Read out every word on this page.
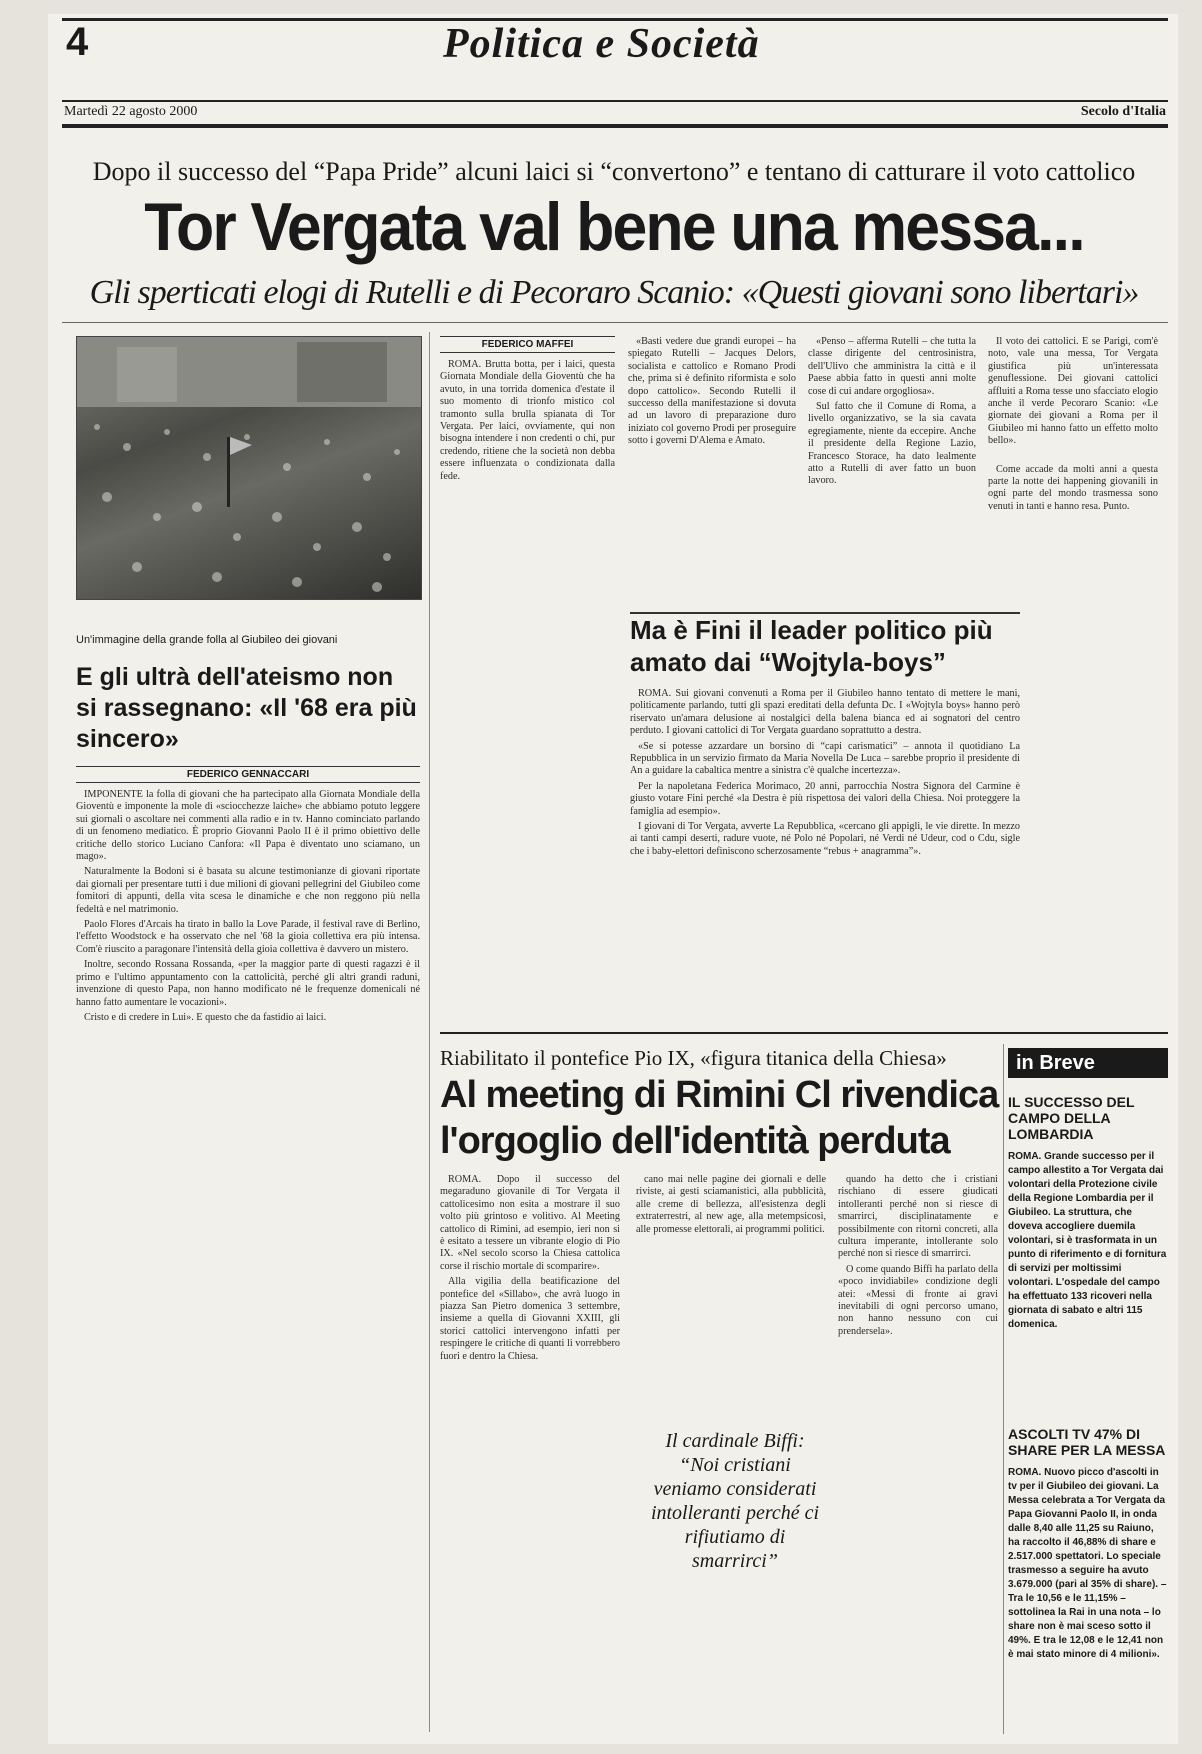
4	Politica e Società
Martedì 22 agosto 2000	Secolo d'Italia
Dopo il successo del “Papa Pride” alcuni laici si “convertono” e tentano di catturare il voto cattolico
Tor Vergata val bene una messa...
Gli sperticati elogi di Rutelli e di Pecoraro Scanio: «Questi giovani sono libertari»
Un'immagine della grande folla al Giubileo dei giovani
E gli ultrà dell'ateismo non si rassegnano: «Il '68 era più sincero»
FEDERICO GENNACCARI

IMPONENTE la folla di giovani che ha partecipato alla Giornata Mondiale della Gioventù e imponente la mole di «sciocchezze laiche» che abbiamo potuto leggere sui giornali o ascoltare nei commenti alla radio e in tv. Hanno cominciato parlando di un fenomeno mediatico. È proprio Giovanni Paolo II è il primo obiettivo delle critiche dello storico Luciano Canfora: «Il Papa è diventato uno sciamano, un mago».

Naturalmente la Bodoni si è basata su alcune testimonianze di giovani riportate dai giornali per presentare tutti i due milioni di giovani pellegrini del Giubileo come fomitori di appunti, della vita scesa le dinamiche e che non reggono più nella fedeltà e nel matrimonio.

Paolo Flores d'Arcais ha tirato in ballo la Love Parade, il festival rave di Berlino, l'effetto Woodstock e ha osservato che nel '68 la gioia collettiva era più intensa. Com'è riuscito a paragonare l'intensità della gioia collettiva è davvero un mistero.

Inoltre, secondo Rossana Rossanda, «per la maggior parte di questi ragazzi è il primo e l'ultimo appuntamento con la cattolicità, perché gli altri grandi raduni, invenzione di questo Papa, non hanno modificato né le frequenze domenicali né hanno fatto aumentare le vocazioni».

Cristo e di credere in Lui». E questo che da fastidio ai laici.

FEDERICO MAFFEI

ROMA. Brutta botta, per i laici, questa Giornata Mondiale della Gioventù che ha avuto, in una torrida domenica d'estate il suo momento di trionfo mistico col tramonto sulla brulla spianata di Tor Vergata. Per laici, ovviamente, qui non bisogna intendere i non credenti o chi, pur credendo, ritiene che la società non debba essere influenzata o condizionata dalla fede.

«Basti vedere due grandi europei – ha spiegato Rutelli – Jacques Delors, socialista e cattolico e Romano Prodi che, prima si è definito riformista e solo dopo cattolico». Secondo Rutelli il successo della manifestazione si dovuta ad un lavoro di preparazione duro iniziato col governo Prodi per proseguire sotto i governi D'Alema e Amato.

«Penso – afferma Rutelli – che tutta la classe dirigente del centrosinistra, dell'Ulivo che amministra la città e il Paese abbia fatto in questi anni molte cose di cui andare orgogliosa».

Sul fatto che il Comune di Roma, a livello organizzativo, se la sia cavata egregiamente, niente da eccepire. Anche il presidente della Regione Lazio, Francesco Storace, ha dato lealmente atto a Rutelli di aver fatto un buon lavoro.

Il voto dei cattolici. E se Parigi, com'è noto, vale una messa, Tor Vergata giustifica più un'interessata genuflessione. Dei giovani cattolici affluiti a Roma tesse uno sfacciato elogio anche il verde Pecoraro Scanio: «Le giornate dei giovani a Roma per il Giubileo mi hanno fatto un effetto molto bello».

Come accade da molti anni a questa parte la notte dei happening giovanili in ogni parte del mondo trasmessa sono venuti in tanti e hanno resa. Punto.

Ma è Fini il leader politico più amato dai “Wojtyla-boys”

ROMA. Sui giovani convenuti a Roma per il Giubileo hanno tentato di mettere le mani, politicamente parlando, tutti gli spazi ereditati della defunta Dc. I «Wojtyla boys» hanno però riservato un'amara delusione ai nostalgici della balena bianca ed ai sognatori del centro perduto. I giovani cattolici di Tor Vergata guardano soprattutto a destra.

«Se si potesse azzardare un borsino di “capi carismatici” – annota il quotidiano La Repubblica in un servizio firmato da Maria Novella De Luca – sarebbe proprio il presidente di An a guidare la cabaltica mentre a sinistra c'è qualche incertezza».

Per la napoletana Federica Morimaco, 20 anni, parrocchia Nostra Signora del Carmine è giusto votare Fini perché «la Destra è più rispettosa dei valori della Chiesa. Noi proteggere la famiglia ad esempio».

I giovani di Tor Vergata, avverte La Repubblica, «cercano gli appigli, le vie dirette. In mezzo ai tanti campi deserti, radure vuote, né Polo né Popolari, né Verdi né Udeur, cod o Cdu, sigle che i baby-elettori definiscono scherzosamente “rebus + anagramma”».

Riabilitato il pontefice Pio IX, «figura titanica della Chiesa»
Al meeting di Rimini Cl rivendica l'orgoglio dell'identità perduta

ROMA. Dopo il successo del megaraduno giovanile di Tor Vergata il cattolicesimo non esita a mostrare il suo volto più grintoso e volitivo. Al Meeting cattolico di Rimini, ad esempio, ieri non si è esitato a tessere un vibrante elogio di Pio IX. «Nel secolo scorso la Chiesa cattolica corse il rischio mortale di scomparire».

Alla vigilia della beatificazione del pontefice del «Sillabo», che avrà luogo in piazza San Pietro domenica 3 settembre, insieme a quella di Giovanni XXIII, gli storici cattolici intervengono infatti per respingere le critiche di quanti li vorrebbero fuori e dentro la Chiesa.

cano mai nelle pagine dei giornali e delle rivistе, ai gesti sciamanistici, alla pubblicità, alle creme di bellezza, all'esistenza degli extraterrestri, al new age, alla metempsicosi, alle promesse elettorali, ai programmi politici.

Il cardinale Biffi: “Noi cristiani veniamo considerati intolleranti perché ci rifiutiamo di smarrirci”

quando ha detto che i cristiani rischiano di essere giudicati intolleranti perché non si riesce di smarrirci, disciplinatamente e possibilmente con ritorni concreti, alla cultura imperante, intollerante solo perché non si riesce di smarrirci.

O come quando Biffi ha parlato della «poco invidiabile» condizione degli atei: «Messi di fronte ai gravi inevitabili di ogni percorso umano, non hanno nessuno con cui prendersela».

in Breve
IL SUCCESSO DEL CAMPO DELLA LOMBARDIA
ROMA. Grande successo per il campo allestito a Tor Vergata dai volontari della Protezione civile della Regione Lombardia per il Giubileo. La struttura, che doveva accogliere duemila volontari, si è trasformata in un punto di riferimento e di fornitura di servizi per moltissimi volontari. L'ospedale del campo ha effettuato 133 ricoveri nella giornata di sabato e altri 115 domenica.
ASCOLTI TV 47% DI SHARE PER LA MESSA
ROMA. Nuovo picco d'ascolti in tv per il Giubileo dei giovani. La Messa celebrata a Tor Vergata da Papa Giovanni Paolo II, in onda dalle 8,40 alle 11,25 su Raiuno, ha raccolto il 46,88% di share e 2.517.000 spettatori. Lo speciale trasmesso a seguire ha avuto 3.679.000 (pari al 35% di share). – Tra le 10,56 e le 11,15% – sottolinea la Rai in una nota – lo share non è mai sceso sotto il 49%. E tra le 12,08 e le 12,41 non è mai stato minore di 4 milioni».
